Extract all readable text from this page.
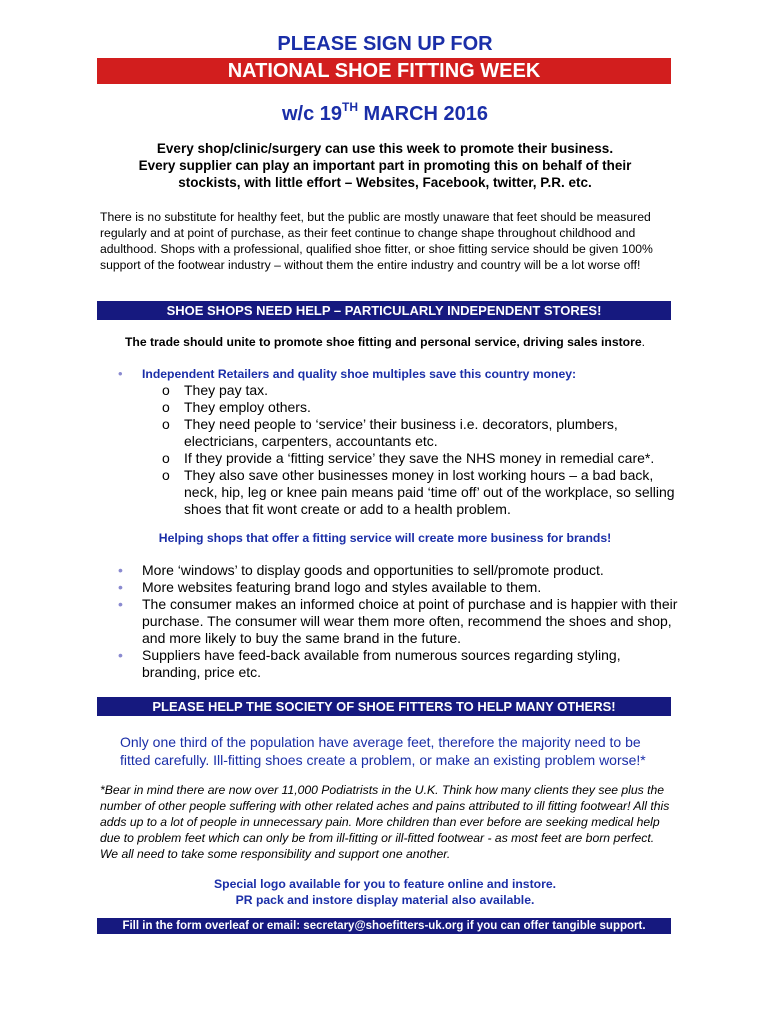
PLEASE SIGN UP FOR
NATIONAL SHOE FITTING WEEK
w/c 19TH MARCH 2016
Every shop/clinic/surgery can use this week to promote their business.
Every supplier can play an important part in promoting this on behalf of their
stockists, with little effort – Websites, Facebook, twitter, P.R. etc.
There is no substitute for healthy feet, but the public are mostly unaware that feet should be measured regularly and at point of purchase, as their feet continue to change shape throughout childhood and adulthood. Shops with a professional, qualified shoe fitter, or shoe fitting service should be given 100% support of the footwear industry – without them the entire industry and country will be a lot worse off!
SHOE SHOPS NEED HELP – PARTICULARLY INDEPENDENT STORES!
The trade should unite to promote shoe fitting and personal service, driving sales instore.
• Independent Retailers and quality shoe multiples save this country money:
o They pay tax.
o They employ others.
o They need people to ‘service’ their business i.e. decorators, plumbers, electricians, carpenters, accountants etc.
o If they provide a ‘fitting service’ they save the NHS money in remedial care*.
o They also save other businesses money in lost working hours – a bad back, neck, hip, leg or knee pain means paid ‘time off’ out of the workplace, so selling shoes that fit wont create or add to a health problem.
Helping shops that offer a fitting service will create more business for brands!
• More ‘windows’ to display goods and opportunities to sell/promote product.
• More websites featuring brand logo and styles available to them.
• The consumer makes an informed choice at point of purchase and is happier with their purchase. The consumer will wear them more often, recommend the shoes and shop, and more likely to buy the same brand in the future.
• Suppliers have feed-back available from numerous sources regarding styling, branding, price etc.
PLEASE HELP THE SOCIETY OF SHOE FITTERS TO HELP MANY OTHERS!
Only one third of the population have average feet, therefore the majority need to be fitted carefully. Ill-fitting shoes create a problem, or make an existing problem worse!*
*Bear in mind there are now over 11,000 Podiatrists in the U.K. Think how many clients they see plus the number of other people suffering with other related aches and pains attributed to ill fitting footwear! All this adds up to a lot of people in unnecessary pain. More children than ever before are seeking medical help due to problem feet which can only be from ill-fitting or ill-fitted footwear - as most feet are born perfect. We all need to take some responsibility and support one another.
Special logo available for you to feature online and instore.
PR pack and instore display material also available.
Fill in the form overleaf or email: secretary@shoefitters-uk.org if you can offer tangible support.
